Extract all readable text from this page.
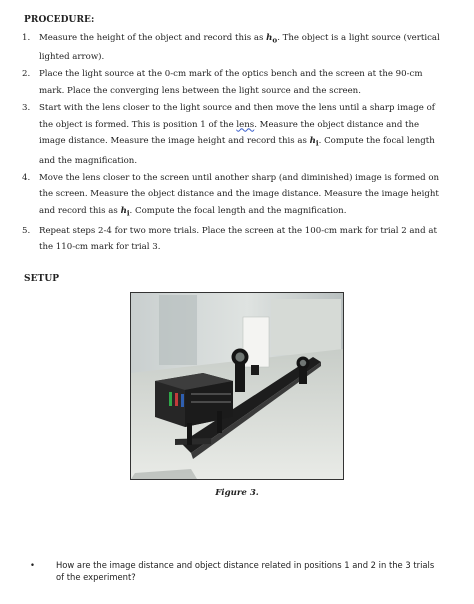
PROCEDURE:
1. Measure the height of the object and record this as $h_o$. The object is a light source (vertical lighted arrow).
2. Place the light source at the 0-cm mark of the optics bench and the screen at the 90-cm mark. Place the converging lens between the light source and the screen.
3. Start with the lens closer to the light source and then move the lens until a sharp image of the object is formed. This is position 1 of the lens. Measure the object distance and the image distance. Measure the image height and record this as $h_i$. Compute the focal length and the magnification.
4. Move the lens closer to the screen until another sharp (and diminished) image is formed on the screen. Measure the object distance and the image distance. Measure the image height and record this as $h_i$. Compute the focal length and the magnification.
5. Repeat steps 2-4 for two more trials. Place the screen at the 100-cm mark for trial 2 and at the 110-cm mark for trial 3.
SETUP
Figure 3.
•	How are the image distance and object distance related in positions 1 and 2 in the 3 trials of the experiment?
